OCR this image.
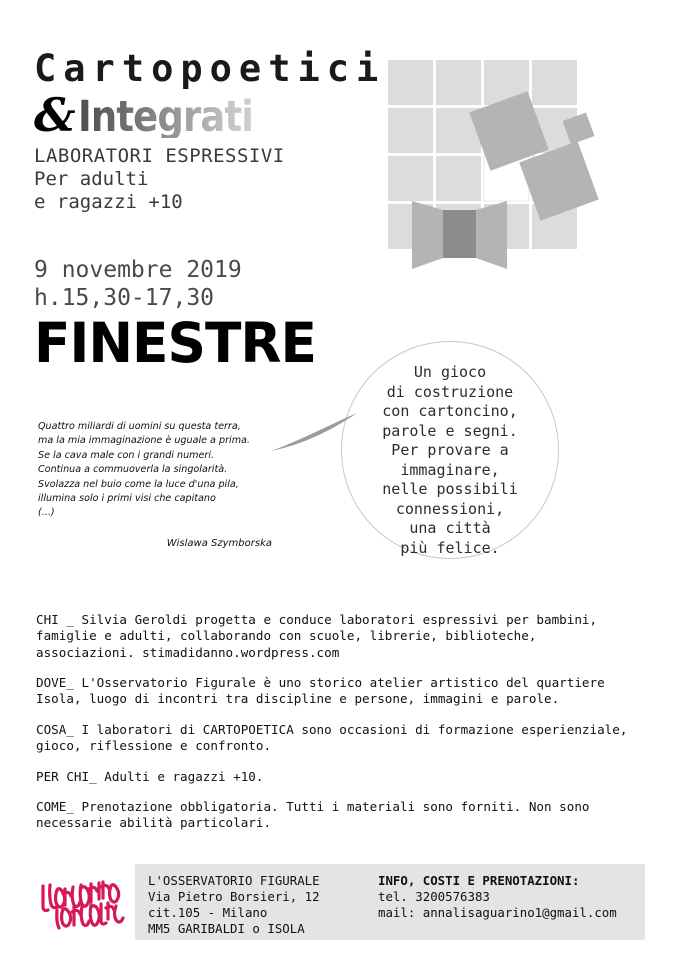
Cartopoetici
& Integrati
LABORATORI ESPRESSIVI
Per adulti
e ragazzi +10
9 novembre 2019
h.15,30-17,30
FINESTRE
Quattro miliardi di uomini su questa terra,
ma la mia immaginazione è uguale a prima.
Se la cava male con i grandi numeri.
Continua a commuoverla la singolarità.
Svolazza nel buio come la luce d'una pila,
illumina solo i primi visi che capitano
(...)
Wislawa Szymborska
Un gioco
di costruzione
con cartoncino,
parole e segni.
Per provare a
immaginare,
nelle possibili
connessioni,
una città
più felice.

CHI _ Silvia Geroldi progetta e conduce laboratori espressivi per bambini, famiglie e adulti, collaborando con scuole, librerie, biblioteche, associazioni. stimadidanno.wordpress.com

DOVE_ L'Osservatorio Figurale è uno storico atelier artistico del quartiere Isola, luogo di incontri tra discipline e persone, immagini e parole.

COSA_ I laboratori di CARTOPOETICA sono occasioni di formazione esperienziale, gioco, riflessione e confronto.

PER CHI_ Adulti e ragazzi +10.

COME_ Prenotazione obbligatoria. Tutti i materiali sono forniti. Non sono necessarie abilità particolari.

L'OSSERVATORIO FIGURALE
Via Pietro Borsieri, 12
cit.105 - Milano
MM5 GARIBALDI o ISOLA
INFO, COSTI E PRENOTAZIONI:
tel. 3200576383
mail: annalisaguarino1@gmail.com
